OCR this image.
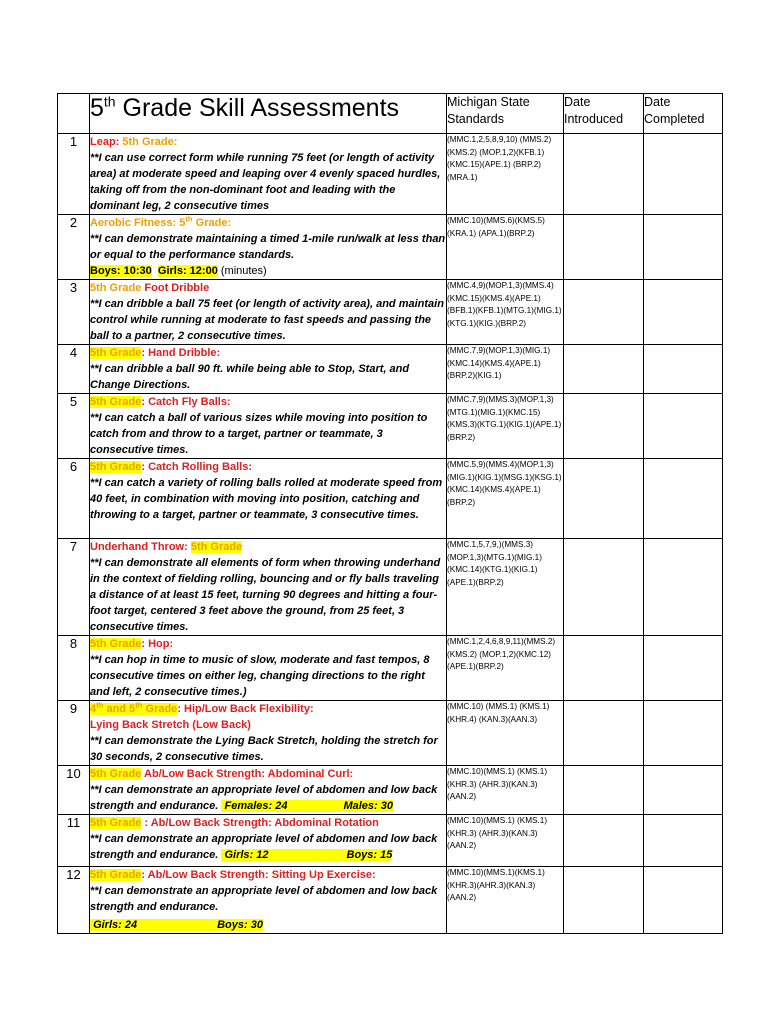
	5th Grade Skill Assessments	Michigan State Standards	Date Introduced	Date Completed
1	Leap: 5th Grade:
**I can use correct form while running 75 feet (or length of activity area) at moderate speed and leaping over 4 evenly spaced hurdles, taking off from the non-dominant foot and leading with the dominant leg, 2 consecutive times	(MMC.1,2,5,8,9,10) (MMS.2)(KMS.2) (MOP.1,2)(KFB.1) (KMC.15)(APE.1) (BRP.2)(MRA.1)		
2	Aerobic Fitness: 5th Grade:
**I can demonstrate maintaining a timed 1-mile run/walk at less than or equal to the performance standards.
Boys: 10:30 Girls: 12:00 (minutes)	(MMC.10)(MMS.6)(KMS.5)(KRA.1) (APA.1)(BRP.2)		
3	5th Grade Foot Dribble
**I can dribble a ball 75 feet (or length of activity area), and maintain control while running at moderate to fast speeds and passing the ball to a partner, 2 consecutive times.	(MMC.4,9)(MOP.1,3)(MMS.4)(KMC.15)(KMS.4)(APE.1) (BFB.1)(KFB.1)(MTG.1)(MIG.1)(KTG.1)(KIG.)(BRP.2)		
4	5th Grade: Hand Dribble:
**I can dribble a ball 90 ft. while being able to Stop, Start, and Change Directions.	(MMC.7,9)(MOP.1,3)(MIG.1)(KMC.14)(KMS.4)(APE.1)(BRP.2)(KIG.1)		
5	5th Grade: Catch Fly Balls:
**I can catch a ball of various sizes while moving into position to catch from and throw to a target, partner or teammate, 3 consecutive times.	(MMC.7,9)(MMS.3)(MOP.1,3)(MTG.1)(MIG.1)(KMC.15)(KMS.3)(KTG.1)(KIG.1)(APE.1)(BRP.2)		
6	5th Grade: Catch Rolling Balls:
**I can catch a variety of rolling balls rolled at moderate speed from 40 feet, in combination with moving into position, catching and throwing to a target, partner or teammate, 3 consecutive times.	(MMC.5,9)(MMS.4)(MOP.1,3) (MIG.1)(KIG.1)(MSG.1)(KSG.1) (KMC.14)(KMS.4)(APE.1)(BRP.2)		
7	Underhand Throw: 5th Grade
**I can demonstrate all elements of form when throwing underhand in the context of fielding rolling, bouncing and or fly balls traveling a distance of at least 15 feet, turning 90 degrees and hitting a four-foot target, centered 3 feet above the ground, from 25 feet, 3 consecutive times.	(MMC.1,5,7,9,)(MMS.3)(MOP.1,3)(MTG.1)(MIG.1)(KMC.14)(KTG.1)(KIG.1)(APE.1)(BRP.2)		
8	5th Grade: Hop:
**I can hop in time to music of slow, moderate and fast tempos, 8 consecutive times on either leg, changing directions to the right and left, 2 consecutive times.)	(MMC.1,2,4,6,8,9,11)(MMS.2)(KMS.2) (MOP.1,2)(KMC.12)(APE.1)(BRP.2)		
9	4th and 5th Grade: Hip/Low Back Flexibility:
Lying Back Stretch (Low Back)
**I can demonstrate the Lying Back Stretch, holding the stretch for 30 seconds, 2 consecutive times.	(MMC.10) (MMS.1) (KMS.1)(KHR.4) (KAN.3)(AAN.3)		
10	5th Grade Ab/Low Back Strength: Abdominal Curl:
**I can demonstrate an appropriate level of abdomen and low back strength and endurance. Females: 24 Males: 30	(MMC.10)(MMS.1) (KMS.1)(KHR.3) (AHR.3)(KAN.3)(AAN.2)		
11	5th Grade : Ab/Low Back Strength: Abdominal Rotation
**I can demonstrate an appropriate level of abdomen and low back strength and endurance. Girls: 12 Boys: 15	(MMC.10)(MMS.1) (KMS.1)(KHR.3) (AHR.3)(KAN.3) (AAN.2)		
12	5th Grade: Ab/Low Back Strength: Sitting Up Exercise:
**I can demonstrate an appropriate level of abdomen and low back strength and endurance.
Girls: 24 Boys: 30	(MMC.10)(MMS.1)(KMS.1)(KHR.3)(AHR.3)(KAN.3)(AAN.2)		
